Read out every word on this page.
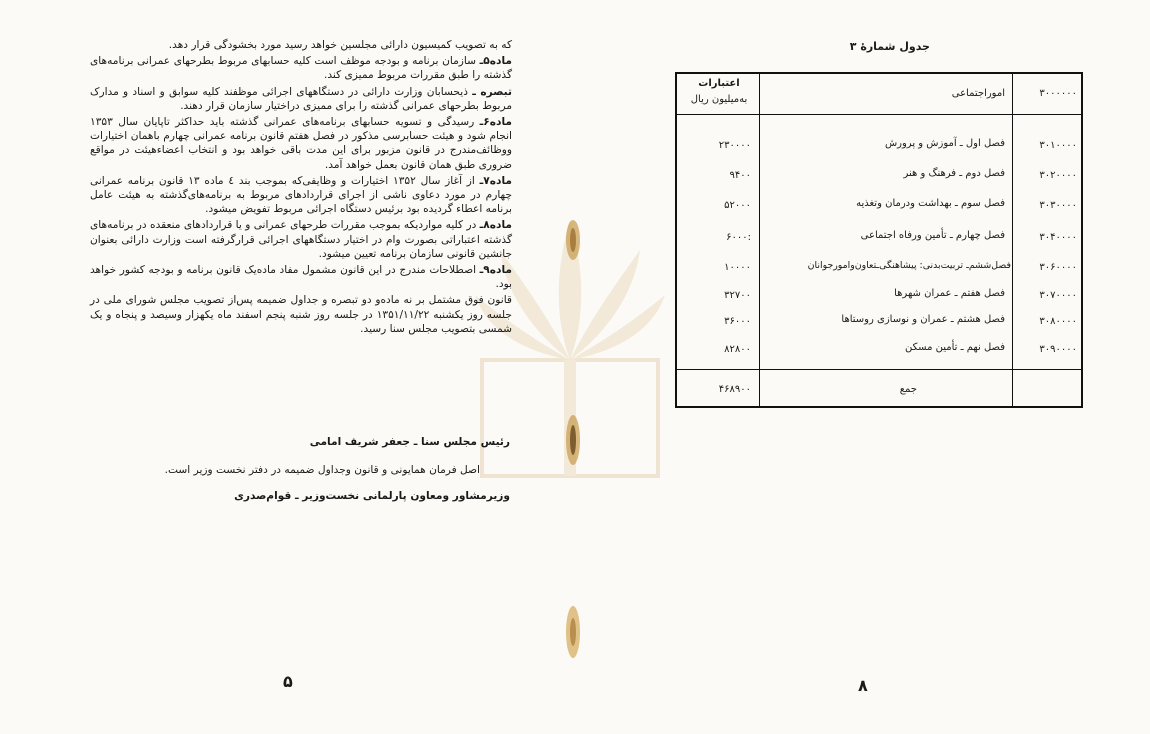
که به تصویب کمیسیون دارائی مجلسین خواهد رسید مورد بخشودگی قرار دهد.

ماده۵ـ سازمان برنامه و بودجه موظف است کلیه حسابهای مربوط بطرحهای عمرانی برنامه‌های گذشته را طبق مقررات مربوط ممیزی کند.

تبصره ـ ذیحسابان وزارت دارائی در دستگاههای اجرائی موظفند کلیه سوابق و اسناد و مدارک مربوط بطرحهای عمرانی گذشته را برای ممیزی دراختیار سازمان قرار دهند.

ماده۶ـ رسیدگی و تسویه حسابهای برنامه‌های عمرانی گذشته باید حداکثر تاپایان سال ۱۳۵۳ انجام شود و هیئت حسابرسی مذکور در فصل هفتم قانون برنامه عمرانی چهارم باهمان اختیارات ووظائف‌مندرج در قانون مزبور برای این مدت باقی خواهد بود و انتخاب اعضاءهیئت در مواقع ضروری طبق همان قانون بعمل خواهد آمد.

ماده۷ـ از آغاز سال ۱۳۵۲ اختیارات و وظایفی‌که بموجب بند ٤ ماده ۱۳ قانون برنامه عمرانی چهارم در مورد دعاوی ناشی از اجرای قراردادهای مربوط به برنامه‌های‌گذشته به هیئت عامل برنامه اعطاء گردیده بود برئیس دستگاه اجرائی مربوط تفویض میشود.

ماده۸ـ در کلیه مواردیکه بموجب مقررات طرحهای عمرانی و یا قراردادهای منعقده در برنامه‌های گذشته اعتباراتی بصورت وام در اختیار دستگاههای اجرائی قرارگرفته است وزارت دارائی بعنوان جانشین قانونی سازمان برنامه تعیین میشود.

ماده۹ـ اصطلاحات مندرج در این قانون مشمول مفاد ماده‌یک قانون برنامه و بودجه کشور خواهد بود.

قانون فوق مشتمل بر نه ماده‌و دو تبصره و جداول ضمیمه پس‌از تصویب مجلس شورای ملی در جلسه روز یکشنبه ۱۳۵۱/۱۱/۲۲ در جلسه روز شنبه پنجم اسفند ماه یکهزار وسیصد و پنجاه و یک شمسی بتصویب مجلس سنا رسید.

رئیس مجلس سنا ـ جعفر شریف امامی
اصل فرمان همایونی و قانون وجداول ضمیمه در دفتر نخست وزیر است.
وزیرمشاور ومعاون پارلمانی نخست‌وزیر ـ قوام‌صدری
۵
جدول شمارهٔ ۳
۳۰۰۰۰۰۰
اموراجتماعی
اعتبارات
به‌میلیون ریال
۳۰۱۰۰۰۰
فصل اول ـ آموزش و پرورش
۲۳۰۰۰۰
۳۰۲۰۰۰۰
فصل دوم ـ فرهنگ و هنر
۹۴۰۰
۳۰۳۰۰۰۰
فصل سوم ـ بهداشت ودرمان وتغذیه
۵۲۰۰۰
۳۰۴۰۰۰۰
فصل چهارم ـ تأمین ورفاه اجتماعی
۶۰۰۰:
۳۰۶۰۰۰۰
فصل‌ششم‌ـ تربیت‌بدنی: پیشاهنگی‌ـتعاون‌وامورجوانان
۱۰۰۰۰
۳۰۷۰۰۰۰
فصل هفتم ـ عمران شهرها
۳۲۷۰۰
۳۰۸۰۰۰۰
فصل هشتم ـ عمران و نوسازی روستاها
۳۶۰۰۰
۳۰۹۰۰۰۰
فصل نهم ـ تأمین مسکن
۸۲۸۰۰
جمع
۴۶۸۹۰۰
۸
